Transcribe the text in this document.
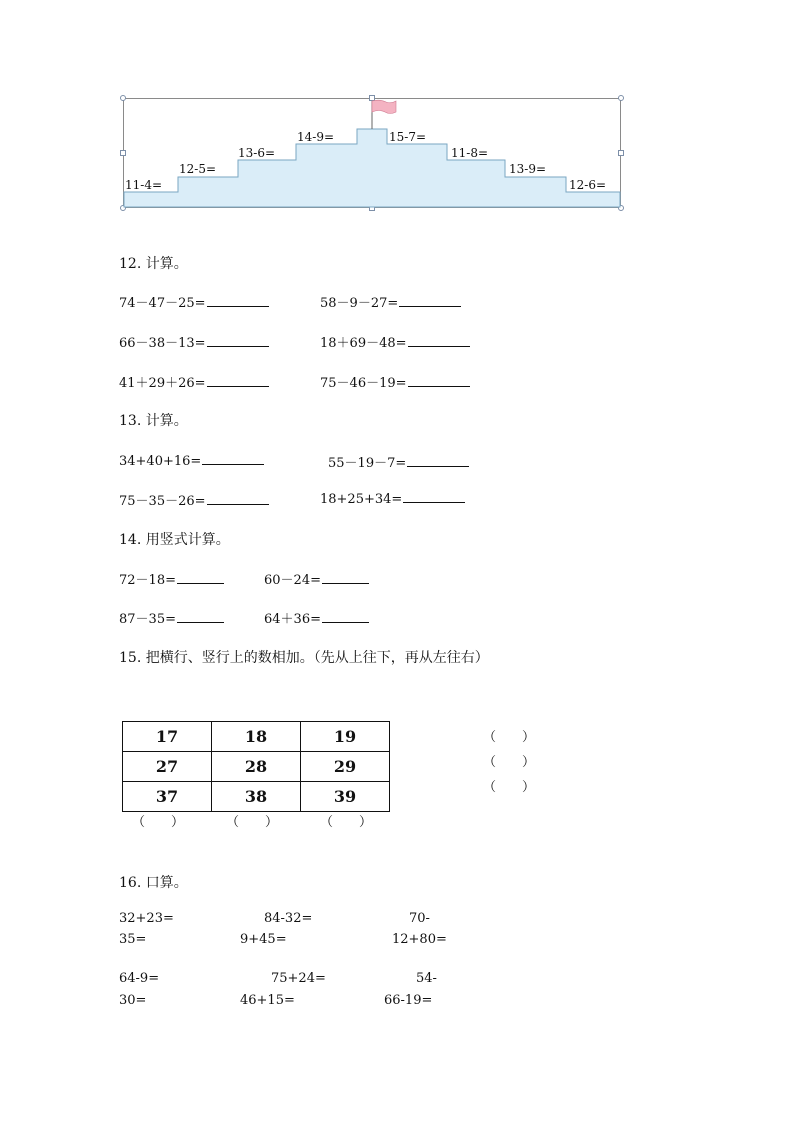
11-4=
12-5=
13-6=
14-9=	15-7=
11-8=
13-9=
12-6=
12. 计算。
74－47－25=	58－9－27=
66－38－13=	18＋69－48=
41＋29＋26=	75－46－19=
13. 计算。
34+40+16=	55－19－7=
75－35－26=	18+25+34=
14. 用竖式计算。
72－18=	60－24=
87－35=	64＋36=
15. 把横行、竖行上的数相加。（先从上往下，再从左往右）
17	18	19
27	28	29
37	38	39
（　　）
（　　）
（　　）
（　　）	（　　）	（　　）
16. 口算。
32+23=	84-32=	70-
35=	9+45=	12+80=
64-9=	75+24=	54-
30=	46+15=	66-19=
